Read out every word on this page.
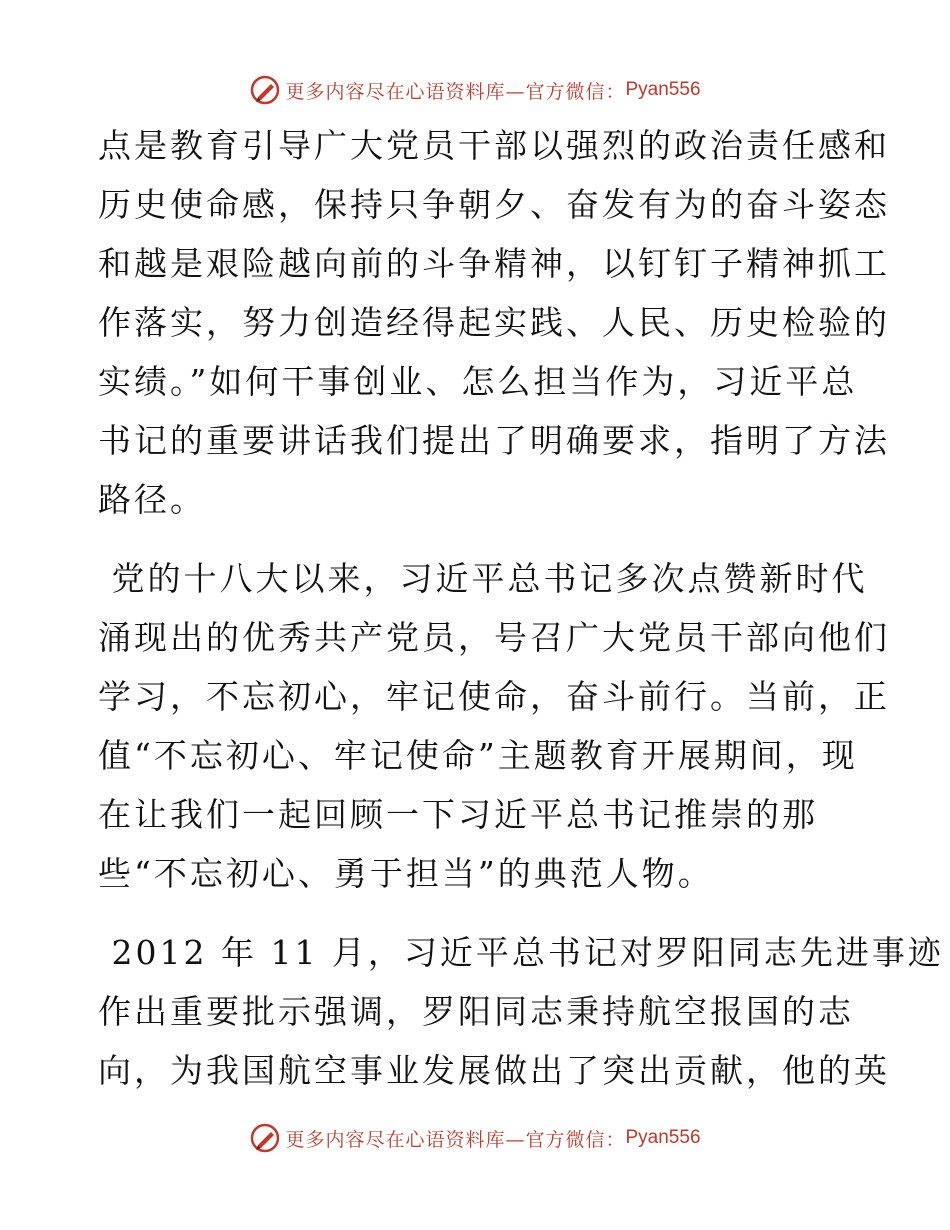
更多内容尽在心语资料库—官方微信： Pyan556
点是教育引导广大党员干部以强烈的政治责任感和
历史使命感，保持只争朝夕、奋发有为的奋斗姿态
和越是艰险越向前的斗争精神，以钉钉子精神抓工
作落实，努力创造经得起实践、人民、历史检验的
实绩。”如何干事创业、怎么担当作为，习近平总
书记的重要讲话我们提出了明确要求，指明了方法
路径。
党的十八大以来，习近平总书记多次点赞新时代
涌现出的优秀共产党员，号召广大党员干部向他们
学习，不忘初心，牢记使命，奋斗前行。当前，正
值“不忘初心、牢记使命”主题教育开展期间，现
在让我们一起回顾一下习近平总书记推崇的那
些“不忘初心、勇于担当”的典范人物。
2012 年 11 月，习近平总书记对罗阳同志先进事迹
作出重要批示强调，罗阳同志秉持航空报国的志
向，为我国航空事业发展做出了突出贡献，他的英
更多内容尽在心语资料库—官方微信： Pyan556
